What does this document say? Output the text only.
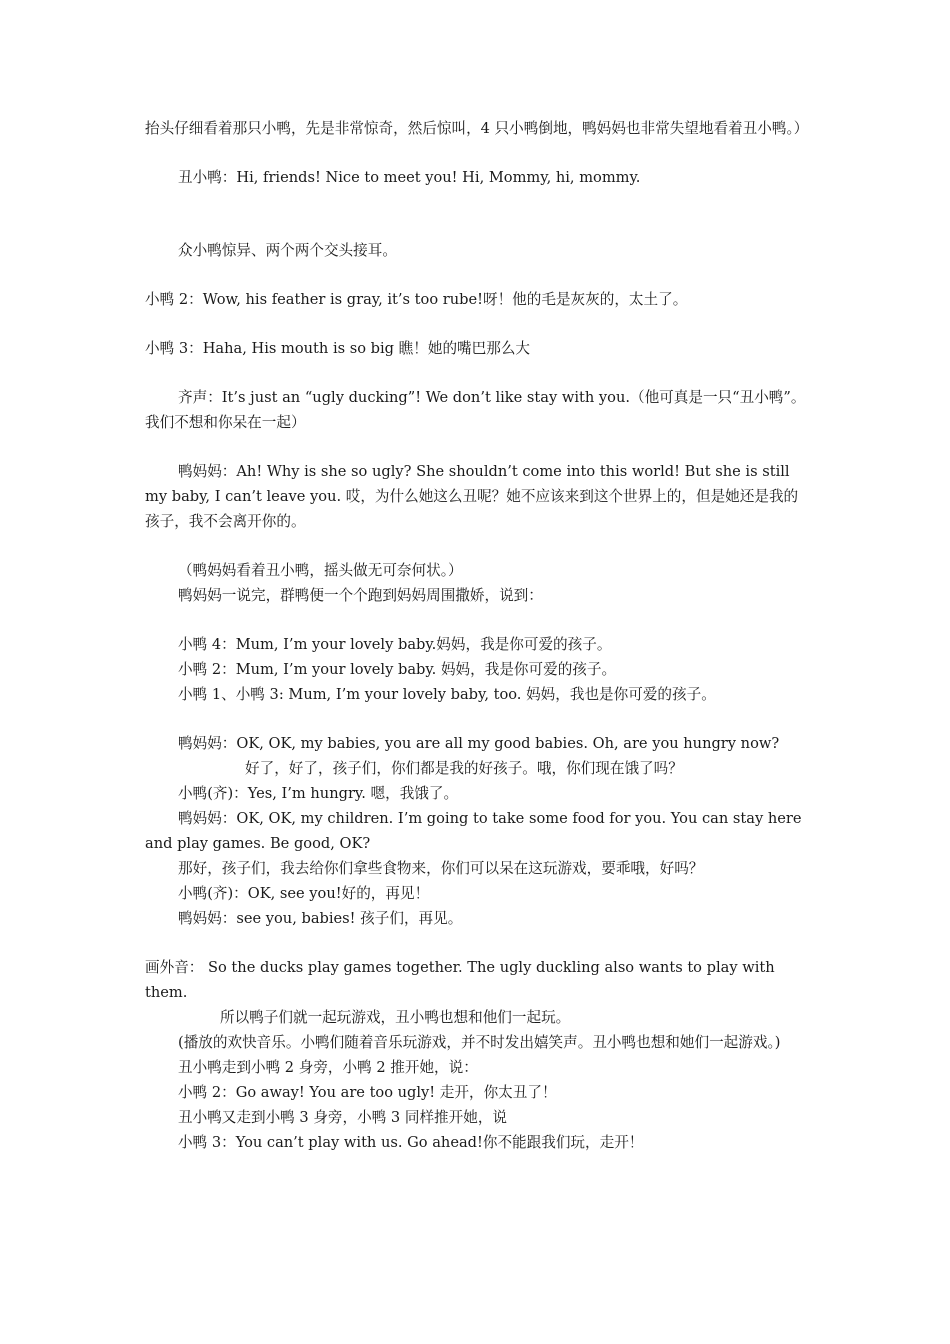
抬头仔细看着那只小鸭，先是非常惊奇，然后惊叫，4 只小鸭倒地，鸭妈妈也非常失望地看着丑小鸭。）

丑小鸭：Hi, friends! Nice to meet you! Hi, Mommy, hi, mommy.

众小鸭惊异、两个两个交头接耳。

小鸭 2：Wow, his feather is gray, it’s too rube!呀！他的毛是灰灰的，太土了。

小鸭 3：Haha, His mouth is so big 瞧！她的嘴巴那么大

齐声：It’s just an “ugly ducking”! We don’t like stay with you.（他可真是一只“丑小鸭”。我们不想和你呆在一起）

鸭妈妈：Ah! Why is she so ugly? She shouldn’t come into this world! But she is still my baby, I can’t leave you. 哎，为什么她这么丑呢？她不应该来到这个世界上的，但是她还是我的孩子，我不会离开你的。

（鸭妈妈看着丑小鸭，摇头做无可奈何状。）

鸭妈妈一说完，群鸭便一个个跑到妈妈周围撒娇，说到：

小鸭 4：Mum, I’m your lovely baby.妈妈，我是你可爱的孩子。

小鸭 2：Mum, I’m your lovely baby. 妈妈，我是你可爱的孩子。

小鸭 1、小鸭 3: Mum, I’m your lovely baby, too. 妈妈，我也是你可爱的孩子。

鸭妈妈：OK, OK, my babies, you are all my good babies. Oh, are you hungry now?

好了，好了，孩子们，你们都是我的好孩子。哦，你们现在饿了吗？

小鸭(齐)：Yes, I’m hungry. 嗯，我饿了。

鸭妈妈：OK, OK, my children. I’m going to take some food for you. You can stay here and play games. Be good, OK?

那好，孩子们，我去给你们拿些食物来，你们可以呆在这玩游戏，要乖哦，好吗？

小鸭(齐)：OK, see you!好的，再见！

鸭妈妈：see you, babies! 孩子们，再见。

画外音： So the ducks play games together. The ugly duckling also wants to play with them.

所以鸭子们就一起玩游戏，丑小鸭也想和他们一起玩。

(播放的欢快音乐。小鸭们随着音乐玩游戏，并不时发出嬉笑声。丑小鸭也想和她们一起游戏。)

丑小鸭走到小鸭 2 身旁，小鸭 2 推开她，说：

小鸭 2：Go away! You are too ugly! 走开，你太丑了！

丑小鸭又走到小鸭 3 身旁，小鸭 3 同样推开她，说

小鸭 3：You can’t play with us. Go ahead!你不能跟我们玩，走开！
